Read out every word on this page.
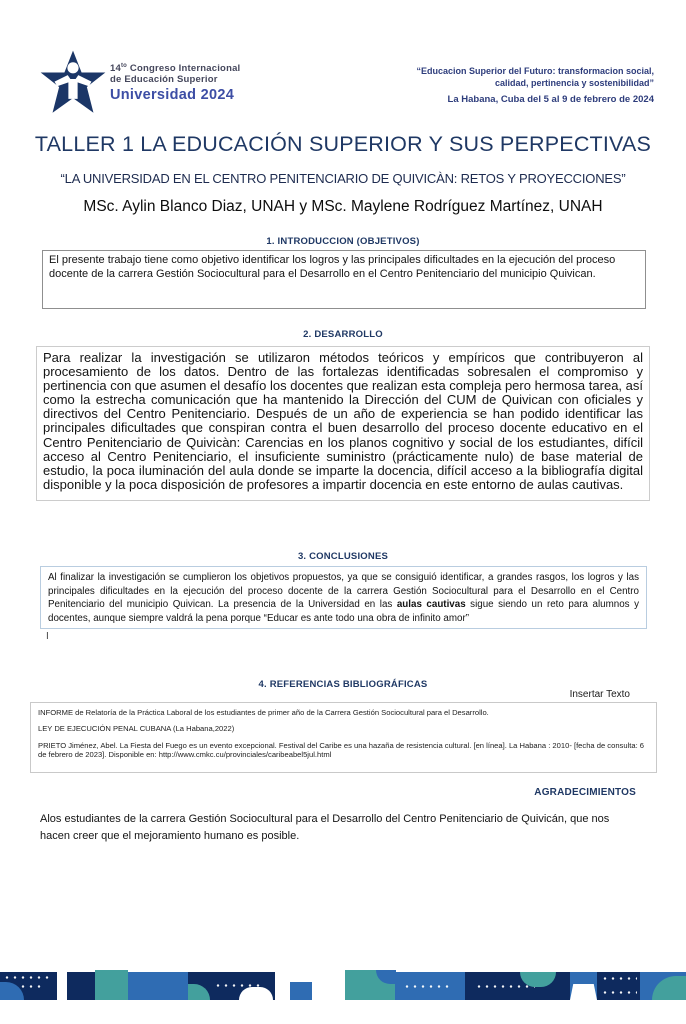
$14^{to}$ Congreso Internacional
de Educación Superior
Universidad 2024
“Educacion Superior del Futuro: transformacion social,
calidad, pertinencia y sostenibilidad”
La Habana, Cuba del 5 al 9 de febrero de 2024
TALLER 1 LA EDUCACIÓN SUPERIOR Y SUS PERPECTIVAS
“LA UNIVERSIDAD EN EL CENTRO PENITENCIARIO DE QUIVICÀN: RETOS Y PROYECCIONES”
MSc. Aylin Blanco Diaz, UNAH y MSc. Maylene Rodríguez Martínez, UNAH
1. INTRODUCCION (OBJETIVOS)
El presente trabajo tiene como objetivo identificar los logros y las principales dificultades en la ejecución del proceso docente de la carrera Gestión Sociocultural para el Desarrollo en el Centro Penitenciario del municipio Quivican.
2. DESARROLLO
Para realizar la investigación se utilizaron métodos teóricos y empíricos que contribuyeron al procesamiento de los datos. Dentro de las fortalezas identificadas sobresalen el compromiso y pertinencia con que asumen el desafío los docentes que realizan esta compleja pero hermosa tarea, así como la estrecha comunicación que ha mantenido la Dirección del CUM de Quivican con oficiales y directivos del Centro Penitenciario. Después de un año de experiencia se han podido identificar las principales dificultades que conspiran contra el buen desarrollo del proceso docente educativo en el Centro Penitenciario de Quivicàn: Carencias en los planos cognitivo y social de los estudiantes, difícil acceso al Centro Penitenciario, el insuficiente suministro (prácticamente nulo) de base material de estudio, la poca iluminación del aula donde se imparte la docencia, difícil acceso a la bibliografía digital disponible y la poca disposición de profesores a impartir docencia en este entorno de aulas cautivas.
3. CONCLUSIONES
Al finalizar la investigación se cumplieron los objetivos propuestos, ya que se consiguió identificar, a grandes rasgos, los logros y las principales dificultades en la ejecución del proceso docente de la carrera Gestión Sociocultural para el Desarrollo en el Centro Penitenciario del municipio Quivican. La presencia de la Universidad en las aulas cautivas sigue siendo un reto para alumnos y docentes, aunque siempre valdrá la pena porque “Educar es ante todo una obra de infinito amor”
I
4. REFERENCIAS BIBLIOGRÁFICAS
Insertar Texto
INFORME de Relatoría de la Práctica Laboral de los estudiantes de primer año de la Carrera Gestión Sociocultural para el Desarrollo.
LEY DE EJECUCIÓN PENAL CUBANA (La Habana,2022)
PRIETO Jiménez, Abel. La Fiesta del Fuego es un evento excepcional. Festival del Caribe es una hazaña de resistencia cultural. [en línea]. La Habana : 2010- [fecha de consulta: 6 de febrero de 2023]. Disponible en: http://www.cmkc.cu/provinciales/caribeabel5jul.html
AGRADECIMIENTOS
Alos estudiantes de la carrera Gestión Sociocultural para el Desarrollo del Centro Penitenciario de Quivicán, que nos hacen creer que el mejoramiento humano es posible.
